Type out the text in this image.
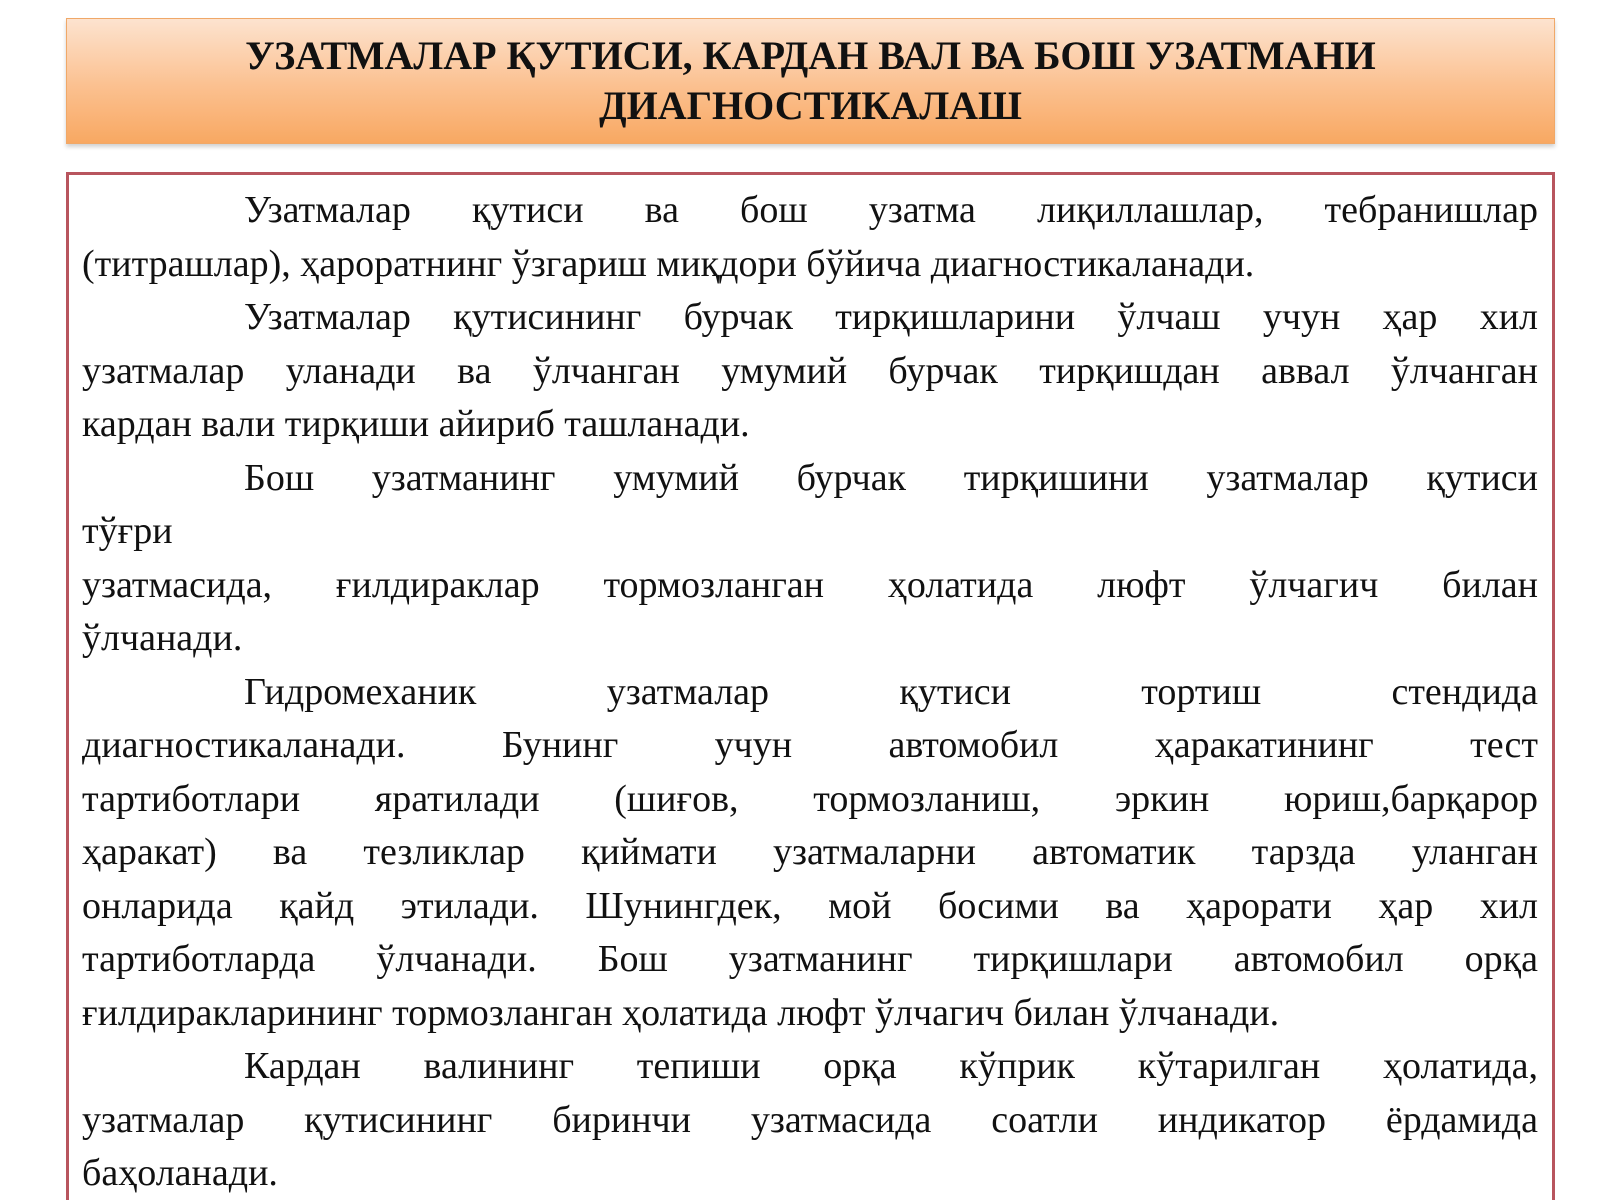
УЗАТМАЛАР ҚУТИСИ, КАРДАН ВАЛ ВА БОШ УЗАТМАНИ
ДИАГНОСТИКАЛАШ
Узатмалар қутиси ва бош узатма лиқиллашлар, тебранишлар
(титрашлар), ҳароратнинг ўзгариш миқдори бўйича диагностикаланади.
Узатмалар қутисининг бурчак тирқишларини ўлчаш учун ҳар хил
узатмалар уланади ва ўлчанган умумий бурчак тирқишдан аввал ўлчанган
кардан вали тирқиши айириб ташланади.
Бош узатманинг умумий бурчак тирқишини узатмалар қутиси
тўғри
узатмасида, ғилдираклар тормозланган ҳолатида люфт ўлчагич билан
ўлчанади.
Гидромеханик узатмалар қутиси тортиш стендида
диагностикаланади. Бунинг учун автомобил ҳаракатининг тест
тартиботлари яратилади (шиғов, тормозланиш, эркин юриш,барқарор
ҳаракат) ва тезликлар қиймати узатмаларни автоматик тарзда уланган
онларида қайд этилади. Шунингдек, мой босими ва ҳарорати ҳар хил
тартиботларда ўлчанади. Бош узатманинг тирқишлари автомобил орқа
ғилдиракларининг тормозланган ҳолатида люфт ўлчагич билан ўлчанади.
Кардан валининг тепиши орқа кўприк кўтарилган ҳолатида,
узатмалар қутисининг биринчи узатмасида соатли индикатор ёрдамида
баҳоланади.
